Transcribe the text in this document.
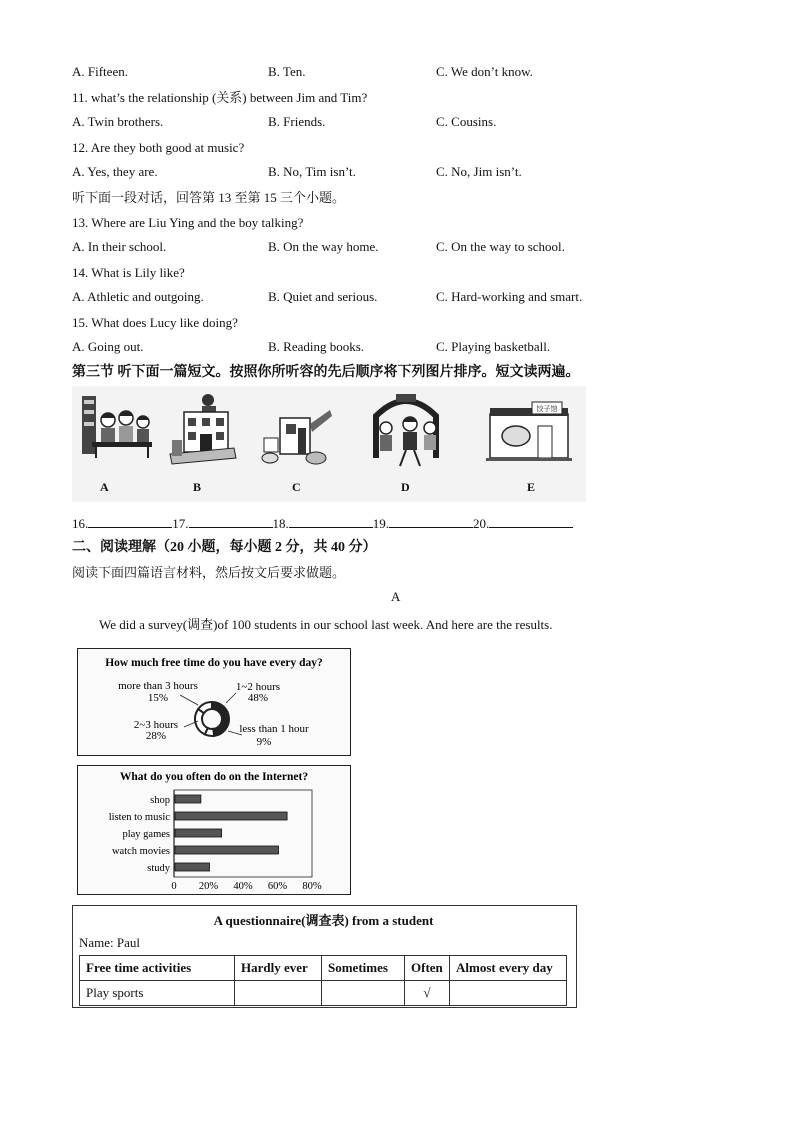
A. Fifteen.	B. Ten.	C. We don’t know.
11. what’s the relationship (关系) between Jim and Tim?
A. Twin brothers.	B. Friends.	C. Cousins.
12. Are they both good at music?
A. Yes, they are.	B. No, Tim isn’t.	C. No, Jim isn’t.
听下面一段对话，回答第 13 至第 15 三个小题。
13. Where are Liu Ying and the boy talking?
A. In their school.	B. On the way home.	C. On the way to school.
14. What is Lily like?
A. Athletic and outgoing.	B. Quiet and serious.	C. Hard-working and smart.
15. What does Lucy like doing?
A. Going out.	B. Reading books.	C. Playing basketball.
第三节 听下面一篇短文。按照你所听容的先后顺序将下列图片排序。短文读两遍。
A	B	C	D
饺子馆
E
16.	17.	18.	19.	20.
二、阅读理解（20 小题，每小题 2 分，共 40 分）
阅读下面四篇语言材料，然后按文后要求做题。
A
We did a survey(调查)of 100 students in our school last week. And here are the results.
How much free time do you have every day?
more than 3 hours
15%
1~2 hours
48%
2~3 hours
28%
less than 1 hour
9%
What do you often do on the Internet?
shop
listen to music
play games
watch movies
study
0 20% 40% 60% 80%
A questionnaire(调查表) from a student
Name: Paul
Free time activities	Hardly ever	Sometimes	Often	Almost every day
Play sports			√	
